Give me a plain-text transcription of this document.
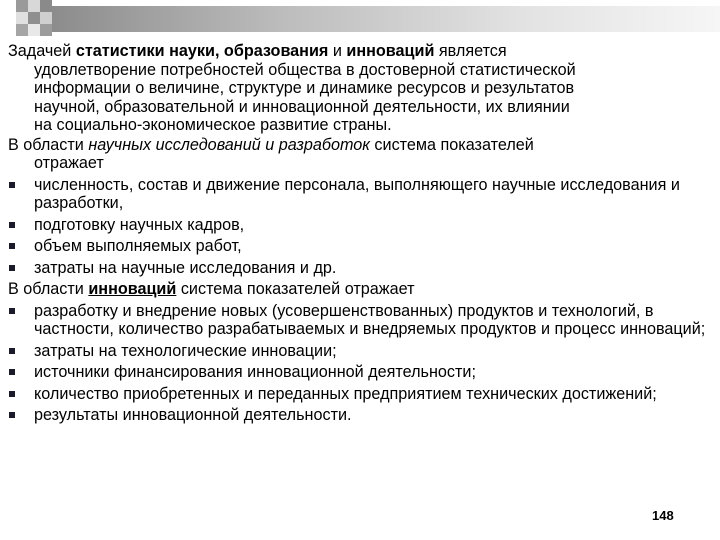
Задачей статистики науки, образования и инноваций является
удовлетворение потребностей общества в достоверной статистической
информации о величине, структуре и динамике ресурсов и результатов
научной, образовательной и инновационной деятельности, их влиянии
на социально-экономическое развитие страны.

В области научных исследований и разработок система показателей
отражает

численность, состав и движение персонала, выполняющего научные исследования и разработки,
подготовку научных кадров,
объем выполняемых работ,
затраты на научные исследования и др.

В области инноваций система показателей отражает

разработку и внедрение новых (усовершенствованных) продуктов и технологий, в частности, количество разрабатываемых и внедряемых продуктов и процесс инноваций;
затраты на технологические инновации;
источники финансирования инновационной деятельности;
количество приобретенных и переданных предприятием технических достижений;
результаты инновационной деятельности.
148
